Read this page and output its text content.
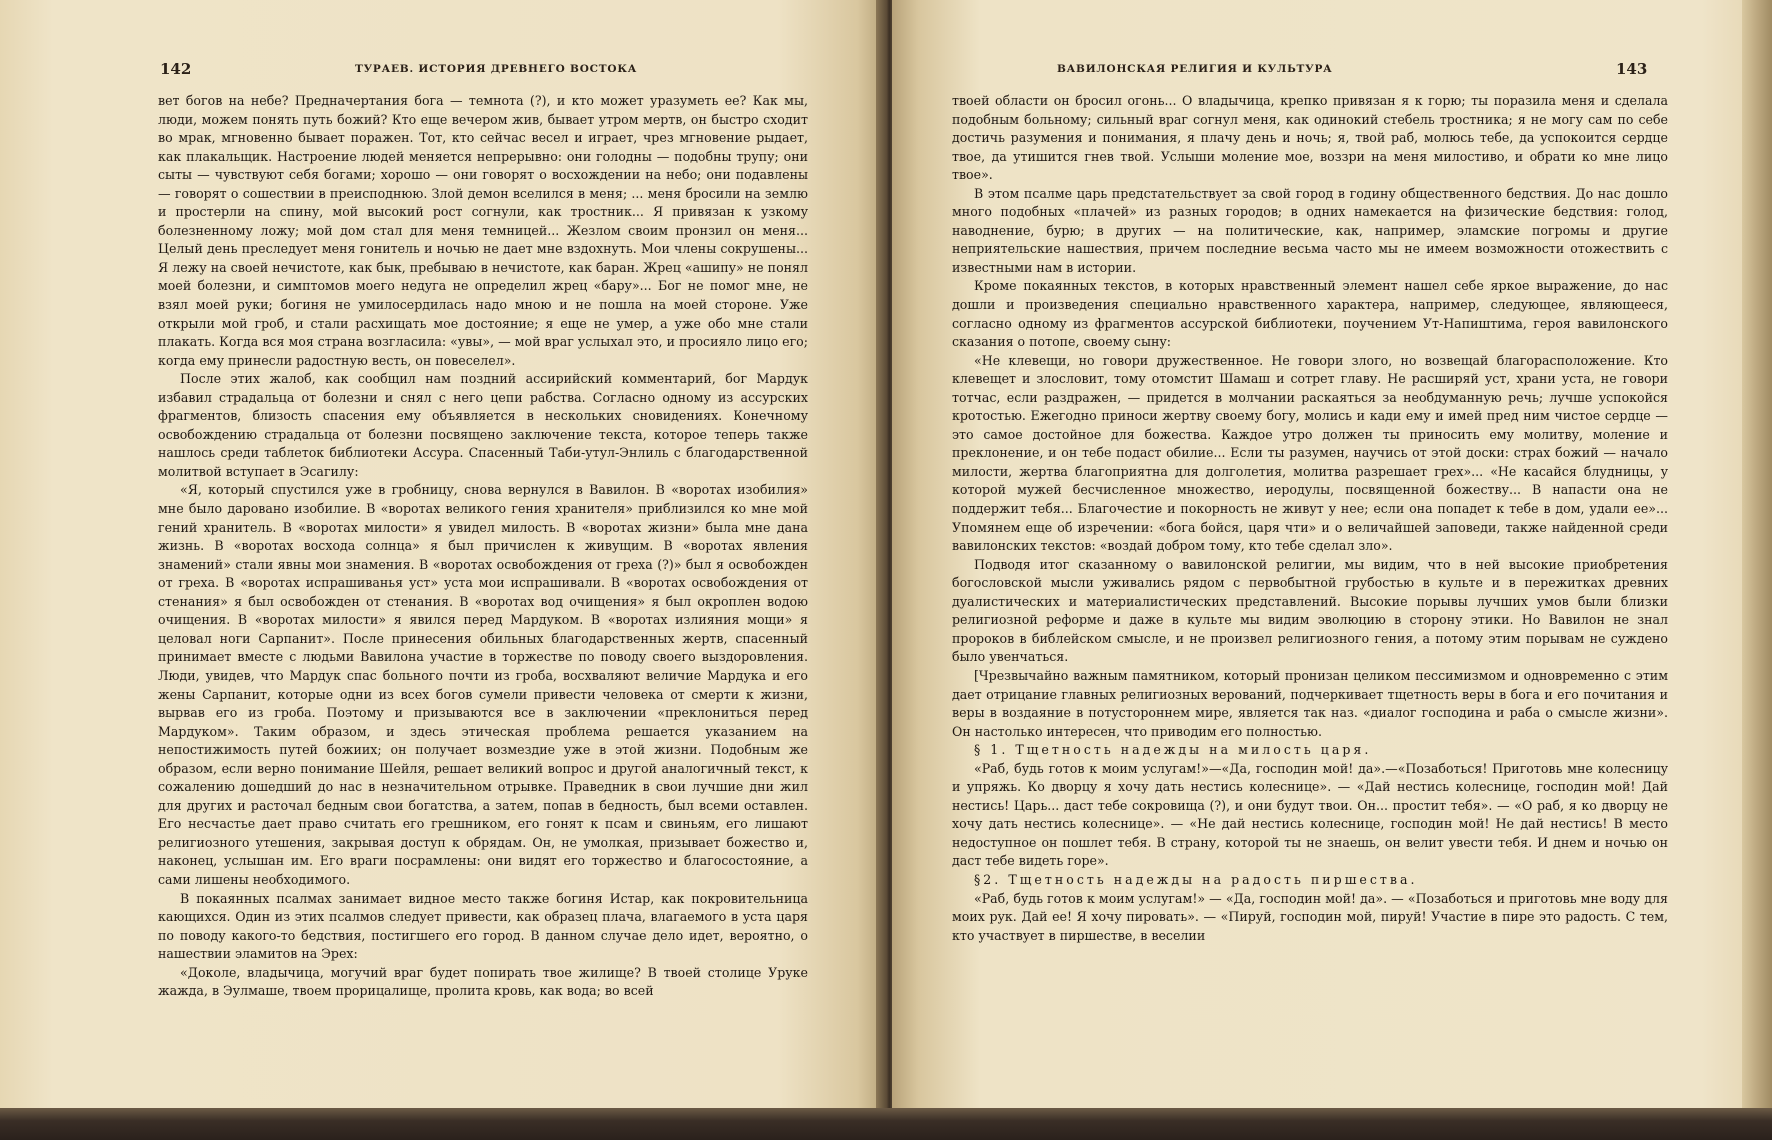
142	ТУРАЕВ. ИСТОРИЯ ДРЕВНЕГО ВОСТОКА

вет богов на небе? Предначертания бога — темнота (?), и кто может уразуметь ее? Как мы, люди, можем понять путь божий? Кто еще вечером жив, бывает утром мертв, он быстро сходит во мрак, мгновенно бывает поражен. Тот, кто сейчас весел и играет, чрез мгновение рыдает, как плакальщик. Настроение людей меняется непрерывно: они голодны — подобны трупу; они сыты — чувствуют себя богами; хорошо — они говорят о восхождении на небо; они подавлены — говорят о сошествии в преисподнюю. Злой демон вселился в меня; ... меня бросили на землю и простерли на спину, мой высокий рост согнули, как тростник... Я привязан к узкому болезненному ложу; мой дом стал для меня темницей... Жезлом своим пронзил он меня... Целый день преследует меня гонитель и ночью не дает мне вздохнуть. Мои члены сокрушены... Я лежу на своей нечистоте, как бык, пребываю в нечистоте, как баран. Жрец «ашипу» не понял моей болезни, и симптомов моего недуга не определил жрец «бару»... Бог не помог мне, не взял моей руки; богиня не умилосердилась надо мною и не пошла на моей стороне. Уже открыли мой гроб, и стали расхищать мое достояние; я еще не умер, а уже обо мне стали плакать. Когда вся моя страна возгласила: «увы», — мой враг услыхал это, и просияло лицо его; когда ему принесли радостную весть, он повеселел».

После этих жалоб, как сообщил нам поздний ассирийский комментарий, бог Мардук избавил страдальца от болезни и снял с него цепи рабства. Согласно одному из ассурских фрагментов, близость спасения ему объявляется в нескольких сновидениях. Конечному освобождению страдальца от болезни посвящено заключение текста, которое теперь также нашлось среди таблеток библиотеки Ассура. Спасенный Таби-утул-Энлиль с благодарственной молитвой вступает в Эсагилу:

«Я, который спустился уже в гробницу, снова вернулся в Вавилон. В «воротах изобилия» мне было даровано изобилие. В «воротах великого гения хранителя» приблизился ко мне мой гений хранитель. В «воротах милости» я увидел милость. В «воротах жизни» была мне дана жизнь. В «воротах восхода солнца» я был причислен к живущим. В «воротах явления знамений» стали явны мои знамения. В «воротах освобождения от греха (?)» был я освобожден от греха. В «воротах испрашиванья уст» уста мои испрашивали. В «воротах освобождения от стенания» я был освобожден от стенания. В «воротах вод очищения» я был окроплен водою очищения. В «воротах милости» я явился перед Мардуком. В «воротах излияния мощи» я целовал ноги Сарпанит». После принесения обильных благодарственных жертв, спасенный принимает вместе с людьми Вавилона участие в торжестве по поводу своего выздоровления. Люди, увидев, что Мардук спас больного почти из гроба, восхваляют величие Мардука и его жены Сарпанит, которые одни из всех богов сумели привести человека от смерти к жизни, вырвав его из гроба. Поэтому и призываются все в заключении «преклониться перед Мардуком». Таким образом, и здесь этическая проблема решается указанием на непостижимость путей божиих; он получает возмездие уже в этой жизни. Подобным же образом, если верно понимание Шейля, решает великий вопрос и другой аналогичный текст, к сожалению дошедший до нас в незначительном отрывке. Праведник в свои лучшие дни жил для других и расточал бедным свои богатства, а затем, попав в бедность, был всеми оставлен. Его несчастье дает право считать его грешником, его гонят к псам и свиньям, его лишают религиозного утешения, закрывая доступ к обрядам. Он, не умолкая, призывает божество и, наконец, услышан им. Его враги посрамлены: они видят его торжество и благосостояние, а сами лишены необходимого.

В покаянных псалмах занимает видное место также богиня Истар, как покровительница кающихся. Один из этих псалмов следует привести, как образец плача, влагаемого в уста царя по поводу какого-то бедствия, постигшего его город. В данном случае дело идет, вероятно, о нашествии эламитов на Эрех:

«Доколе, владычица, могучий враг будет попирать твое жилище? В твоей столице Уруке жажда, в Эулмаше, твоем прорицалище, пролита кровь, как вода; во всей

ВАВИЛОНСКАЯ РЕЛИГИЯ И КУЛЬТУРА	143

твоей области он бросил огонь... О владычица, крепко привязан я к горю; ты поразила меня и сделала подобным больному; сильный враг согнул меня, как одинокий стебель тростника; я не могу сам по себе достичь разумения и понимания, я плачу день и ночь; я, твой раб, молюсь тебе, да успокоится сердце твое, да утишится гнев твой. Услыши моление мое, воззри на меня милостиво, и обрати ко мне лицо твое».

В этом псалме царь предстательствует за свой город в годину общественного бедствия. До нас дошло много подобных «плачей» из разных городов; в одних намекается на физические бедствия: голод, наводнение, бурю; в других — на политические, как, например, эламские погромы и другие неприятельские нашествия, причем последние весьма часто мы не имеем возможности отожествить с известными нам в истории.

Кроме покаянных текстов, в которых нравственный элемент нашел себе яркое выражение, до нас дошли и произведения специально нравственного характера, например, следующее, являющееся, согласно одному из фрагментов ассурской библиотеки, поучением Ут-Напиштима, героя вавилонского сказания о потопе, своему сыну:

«Не клевещи, но говори дружественное. Не говори злого, но возвещай благорасположение. Кто клевещет и злословит, тому отомстит Шамаш и сотрет главу. Не расширяй уст, храни уста, не говори тотчас, если раздражен, — придется в молчании раскаяться за необдуманную речь; лучше успокойся кротостью. Ежегодно приноси жертву своему богу, молись и кади ему и имей пред ним чистое сердце — это самое достойное для божества. Каждое утро должен ты приносить ему молитву, моление и преклонение, и он тебе подаст обилие... Если ты разумен, научись от этой доски: страх божий — начало милости, жертва благоприятна для долголетия, молитва разрешает грех»... «Не касайся блудницы, у которой мужей бесчисленное множество, иеродулы, посвященной божеству... В напасти она не поддержит тебя... Благочестие и покорность не живут у нее; если она попадет к тебе в дом, удали ее»... Упомянем еще об изречении: «бога бойся, царя чти» и о величайшей заповеди, также найденной среди вавилонских текстов: «воздай добром тому, кто тебе сделал зло».

Подводя итог сказанному о вавилонской религии, мы видим, что в ней высокие приобретения богословской мысли уживались рядом с первобытной грубостью в культе и в пережитках древних дуалистических и материалистических представлений. Высокие порывы лучших умов были близки религиозной реформе и даже в культе мы видим эволюцию в сторону этики. Но Вавилон не знал пророков в библейском смысле, и не произвел религиозного гения, а потому этим порывам не суждено было увенчаться.

[Чрезвычайно важным памятником, который пронизан целиком пессимизмом и одновременно с этим дает отрицание главных религиозных верований, подчеркивает тщетность веры в бога и его почитания и веры в воздаяние в потустороннем мире, является так наз. «диалог господина и раба о смысле жизни». Он настолько интересен, что приводим его полностью.

§ 1. Тщетность надежды на милость царя.

«Раб, будь готов к моим услугам!»—«Да, господин мой! да».—«Позаботься! Приготовь мне колесницу и упряжь. Ко дворцу я хочу дать нестись колеснице». — «Дай нестись колеснице, господин мой! Дай нестись! Царь... даст тебе сокровища (?), и они будут твои. Он... простит тебя». — «О раб, я ко дворцу не хочу дать нестись колеснице». — «Не дай нестись колеснице, господин мой! Не дай нестись! В место недоступное он пошлет тебя. В страну, которой ты не знаешь, он велит увести тебя. И днем и ночью он даст тебе видеть горе».

§2. Тщетность надежды на радость пиршества.

«Раб, будь готов к моим услугам!» — «Да, господин мой! да». — «Позаботься и приготовь мне воду для моих рук. Дай ее! Я хочу пировать». — «Пируй, господин мой, пируй! Участие в пире это радость. С тем, кто участвует в пиршестве, в веселии
